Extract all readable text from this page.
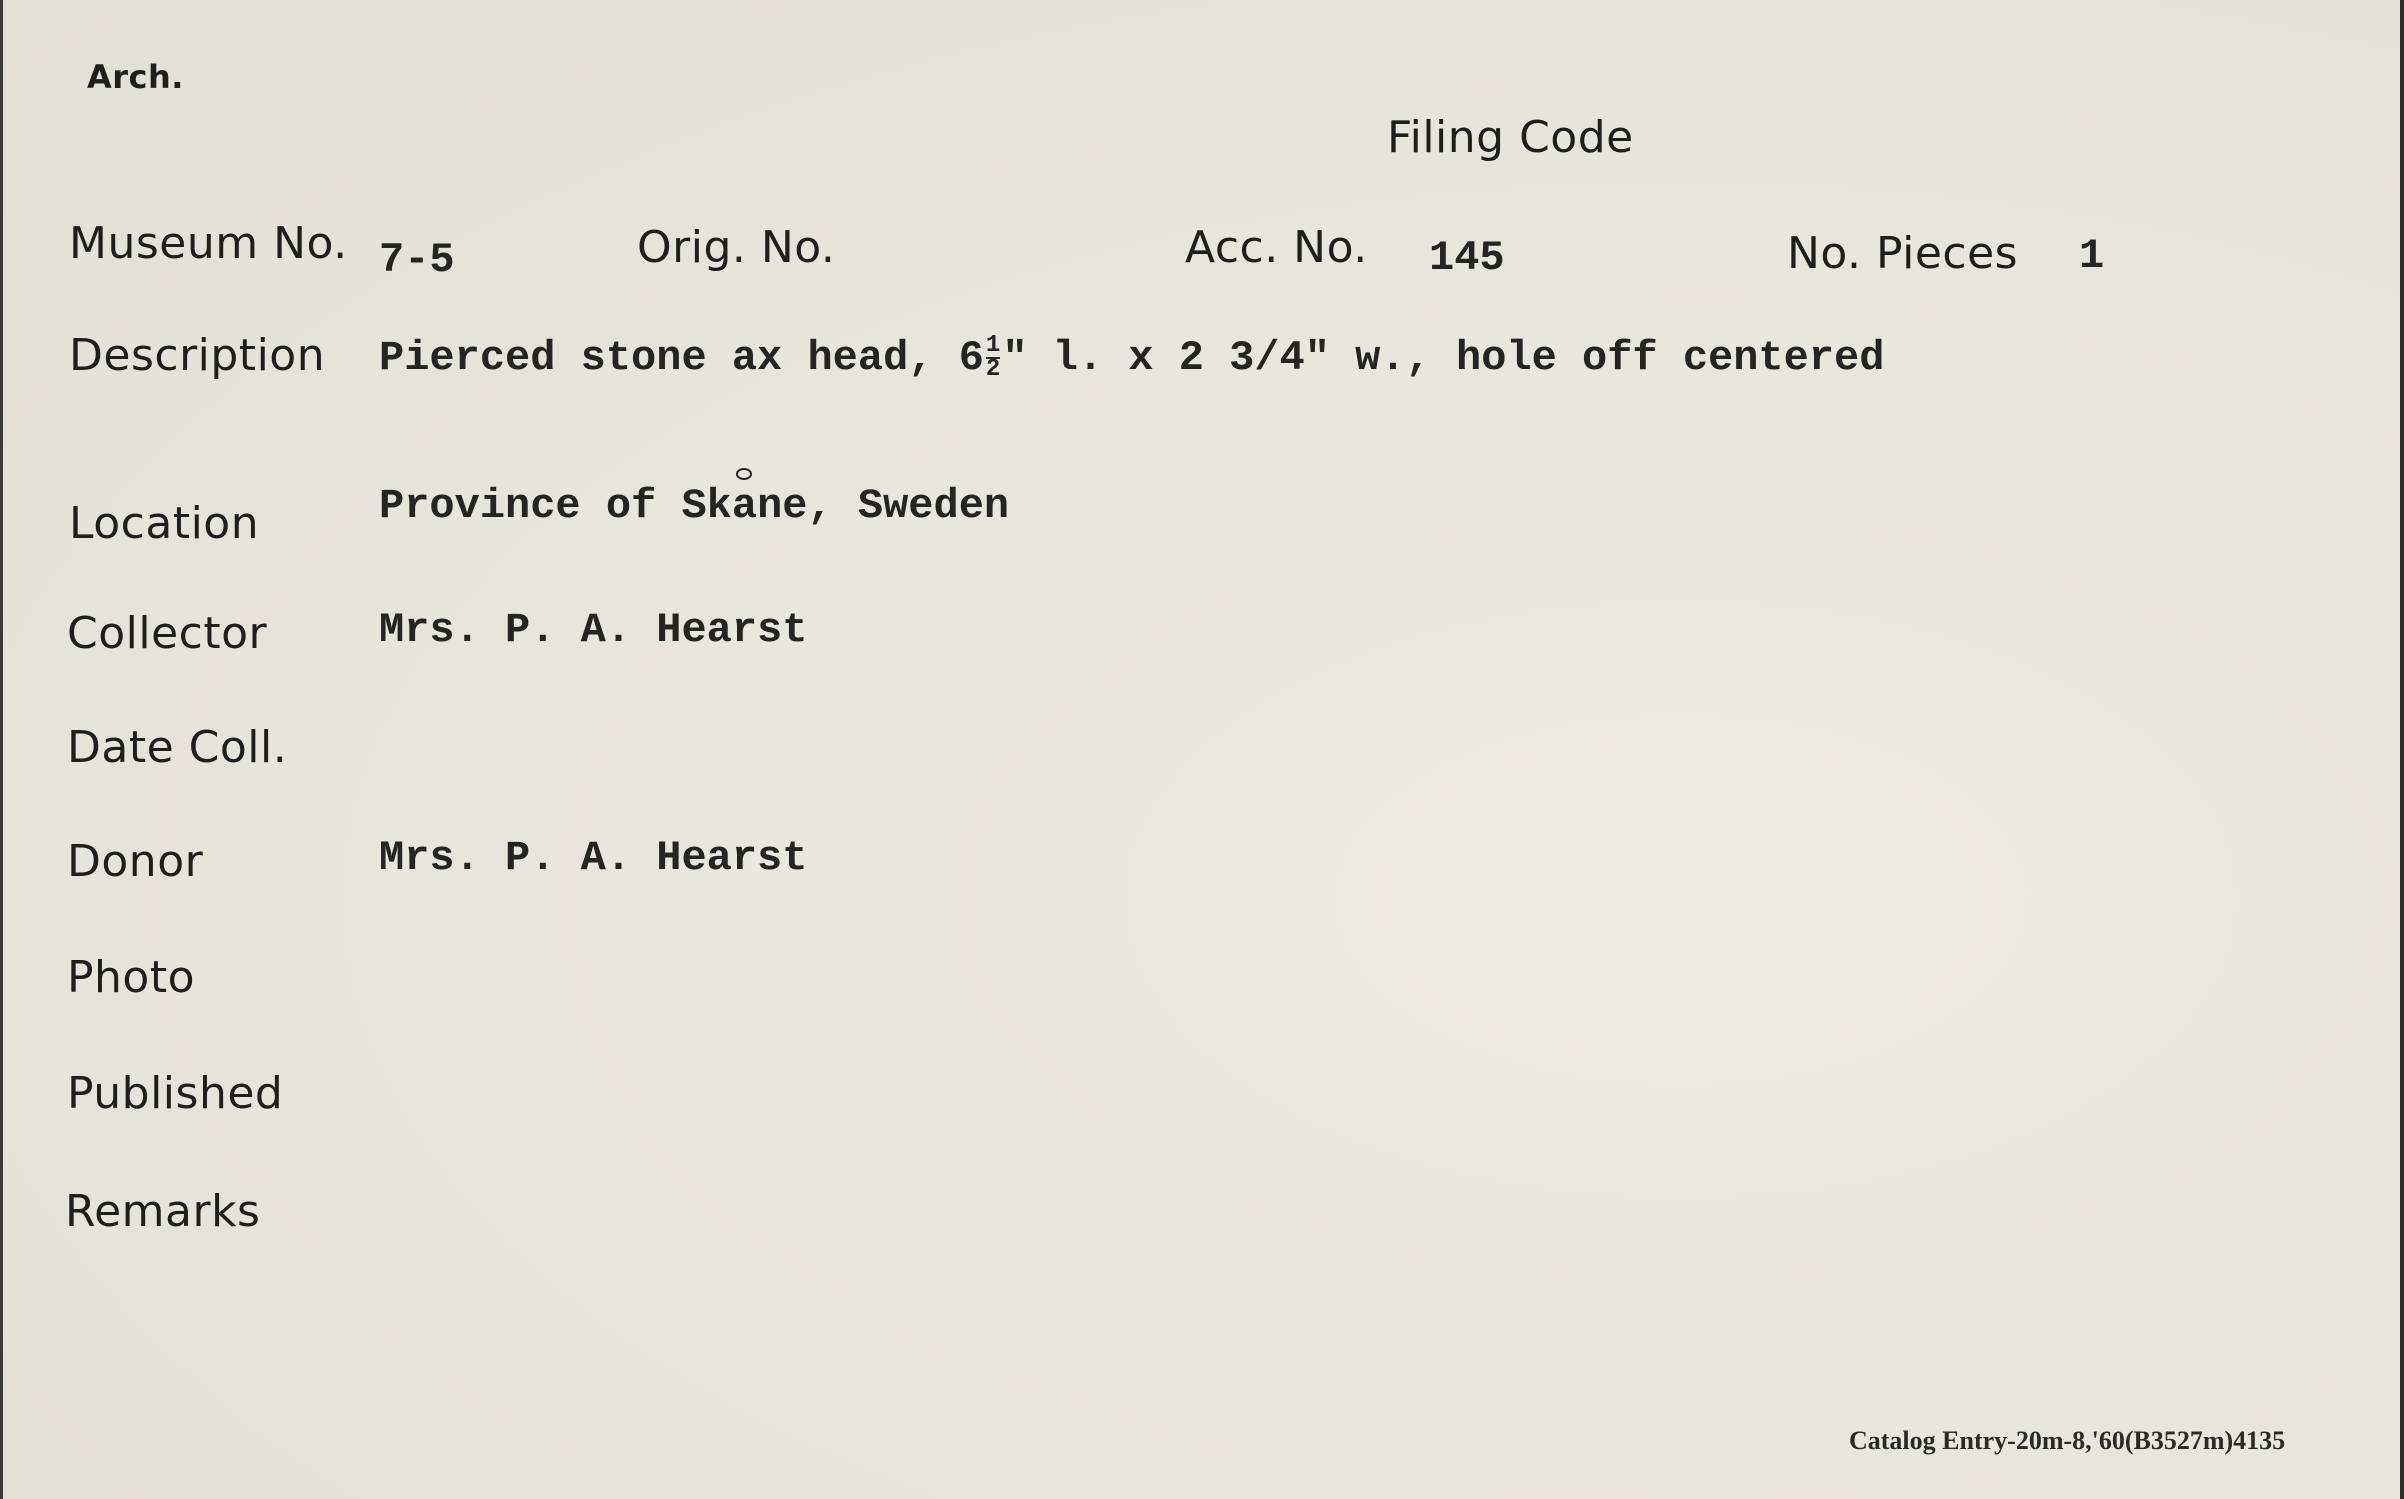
Arch.
Filing Code
Museum No. 7-5	Orig. No.	Acc. No. 145	No. Pieces 1
Description Pierced stone ax head, $6 \frac{1}{2}$ " l. x 2 3/4" w., hole off centered
Location	Province of Skane, Sweden
Collector	Mrs. P. A. Hearst
Date Coll.
Donor	Mrs. P. A. Hearst
Photo
Published
Remarks
Catalog Entry-20m-8,'60(B3527m)4135
